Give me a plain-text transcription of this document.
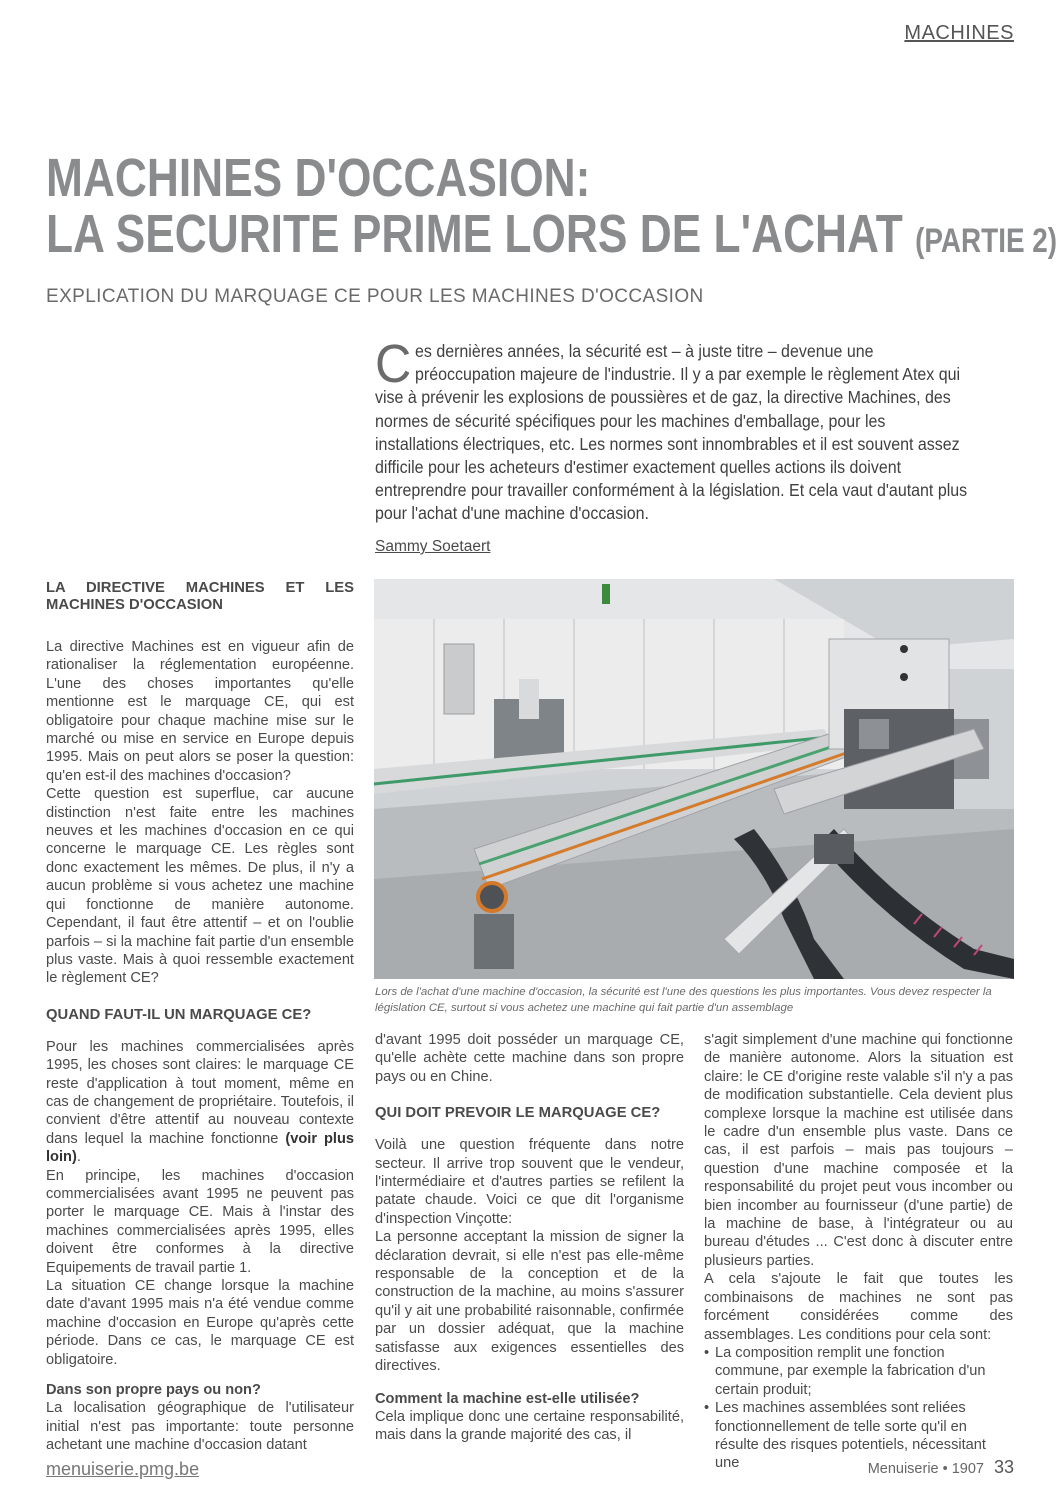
MACHINES
MACHINES D'OCCASION:
LA SECURITE PRIME LORS DE L'ACHAT (PARTIE 2)
EXPLICATION DU MARQUAGE CE POUR LES MACHINES D'OCCASION
Ces dernières années, la sécurité est – à juste titre – devenue une préoccupation majeure de l'industrie. Il y a par exemple le règlement Atex qui vise à prévenir les explosions de poussières et de gaz, la directive Machines, des normes de sécurité spécifiques pour les machines d'emballage, pour les installations électriques, etc. Les normes sont innombrables et il est souvent assez difficile pour les acheteurs d'estimer exactement quelles actions ils doivent entreprendre pour travailler conformément à la législation. Et cela vaut d'autant plus pour l'achat d'une machine d'occasion.
Sammy Soetaert
Lors de l'achat d'une machine d'occasion, la sécurité est l'une des questions les plus importantes. Vous devez respecter la législation CE, surtout si vous achetez une machine qui fait partie d'un assemblage
LA DIRECTIVE MACHINES ET LES MACHINES D'OCCASION

La directive Machines est en vigueur afin de rationaliser la réglementation européenne. L'une des choses importantes qu'elle mentionne est le marquage CE, qui est obligatoire pour chaque machine mise sur le marché ou mise en service en Europe depuis 1995. Mais on peut alors se poser la question: qu'en est-il des machines d'occasion?

Cette question est superflue, car aucune distinction n'est faite entre les machines neuves et les machines d'occasion en ce qui concerne le marquage CE. Les règles sont donc exactement les mêmes. De plus, il n'y a aucun problème si vous achetez une machine qui fonctionne de manière autonome. Cependant, il faut être attentif – et on l'oublie parfois – si la machine fait partie d'un ensemble plus vaste. Mais à quoi ressemble exactement le règlement CE?

QUAND FAUT-IL UN MARQUAGE CE?

Pour les machines commercialisées après 1995, les choses sont claires: le marquage CE reste d'application à tout moment, même en cas de changement de propriétaire. Toutefois, il convient d'être attentif au nouveau contexte dans lequel la machine fonctionne (voir plus loin).

En principe, les machines d'occasion commercialisées avant 1995 ne peuvent pas porter le marquage CE. Mais à l'instar des machines commercialisées après 1995, elles doivent être conformes à la directive Equipements de travail partie 1.

La situation CE change lorsque la machine date d'avant 1995 mais n'a été vendue comme machine d'occasion en Europe qu'après cette période. Dans ce cas, le marquage CE est obligatoire.

Dans son propre pays ou non?

La localisation géographique de l'utilisateur initial n'est pas importante: toute personne achetant une machine d'occasion datant

d'avant 1995 doit posséder un marquage CE, qu'elle achète cette machine dans son propre pays ou en Chine.

QUI DOIT PREVOIR LE MARQUAGE CE?

Voilà une question fréquente dans notre secteur. Il arrive trop souvent que le vendeur, l'intermédiaire et d'autres parties se refilent la patate chaude. Voici ce que dit l'organisme d'inspection Vinçotte:

La personne acceptant la mission de signer la déclaration devrait, si elle n'est pas elle-même responsable de la conception et de la construction de la machine, au moins s'assurer qu'il y ait une probabilité raisonnable, confirmée par un dossier adéquat, que la machine satisfasse aux exigences essentielles des directives.

Comment la machine est-elle utilisée?

Cela implique donc une certaine responsabilité, mais dans la grande majorité des cas, il

s'agit simplement d'une machine qui fonctionne de manière autonome. Alors la situation est claire: le CE d'origine reste valable s'il n'y a pas de modification substantielle. Cela devient plus complexe lorsque la machine est utilisée dans le cadre d'un ensemble plus vaste. Dans ce cas, il est parfois – mais pas toujours – question d'une machine composée et la responsabilité du projet peut vous incomber ou bien incomber au fournisseur (d'une partie) de la machine de base, à l'intégrateur ou au bureau d'études ... C'est donc à discuter entre plusieurs parties.

A cela s'ajoute le fait que toutes les combinaisons de machines ne sont pas forcément considérées comme des assemblages. Les conditions pour cela sont:

• La composition remplit une fonction commune, par exemple la fabrication d'un certain produit;
• Les machines assemblées sont reliées fonctionnellement de telle sorte qu'il en résulte des risques potentiels, nécessitant une
menuiserie.pmg.be	Menuiserie • 1907 33
